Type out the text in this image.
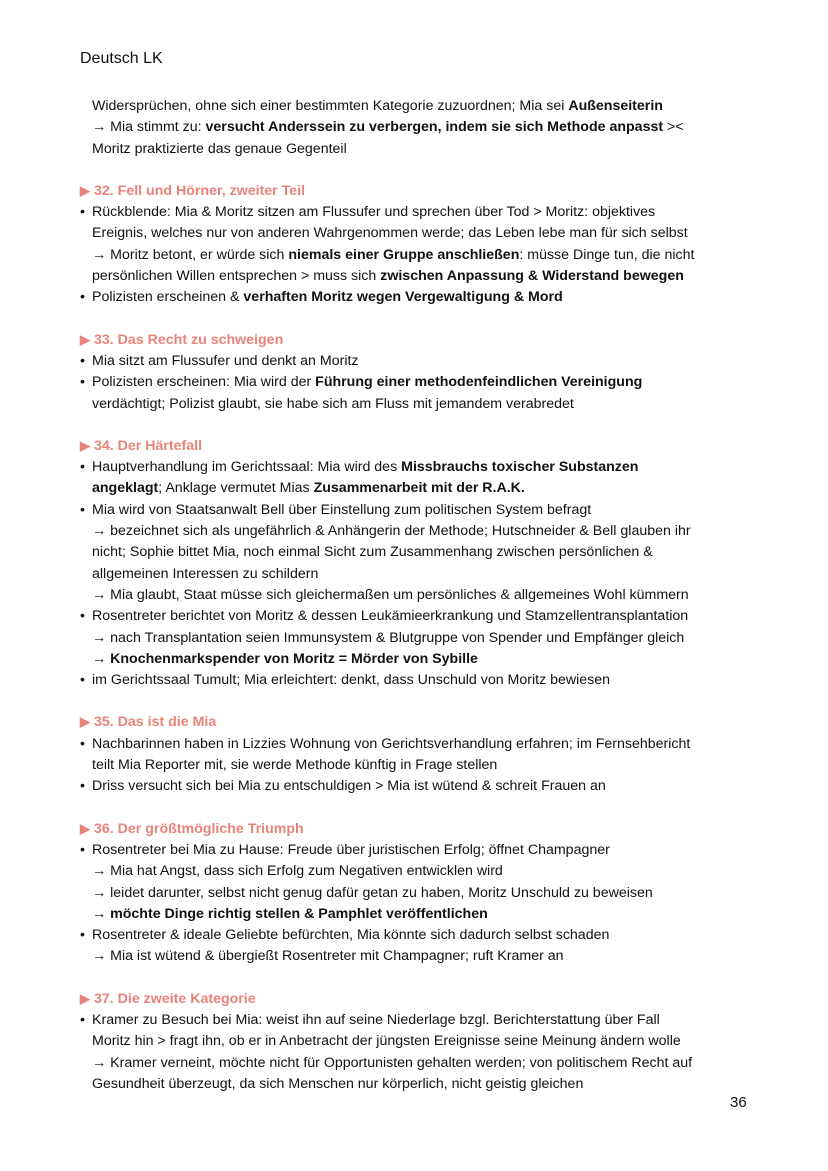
Deutsch LK
Widersprüchen, ohne sich einer bestimmten Kategorie zuzuordnen; Mia sei Außenseiterin
→ Mia stimmt zu: versucht Anderssein zu verbergen, indem sie sich Methode anpasst ><
Moritz praktizierte das genaue Gegenteil
▶ 32. Fell und Hörner, zweiter Teil
• Rückblende: Mia & Moritz sitzen am Flussufer und sprechen über Tod > Moritz: objektives
Ereignis, welches nur von anderen Wahrgenommen werde; das Leben lebe man für sich selbst
→ Moritz betont, er würde sich niemals einer Gruppe anschließen: müsse Dinge tun, die nicht
persönlichen Willen entsprechen > muss sich zwischen Anpassung & Widerstand bewegen
• Polizisten erscheinen & verhaften Moritz wegen Vergewaltigung & Mord
▶ 33. Das Recht zu schweigen
• Mia sitzt am Flussufer und denkt an Moritz
• Polizisten erscheinen: Mia wird der Führung einer methodenfeindlichen Vereinigung
verdächtigt; Polizist glaubt, sie habe sich am Fluss mit jemandem verabredet
▶ 34. Der Härtefall
• Hauptverhandlung im Gerichtssaal: Mia wird des Missbrauchs toxischer Substanzen
angeklagt; Anklage vermutet Mias Zusammenarbeit mit der R.A.K.
• Mia wird von Staatsanwalt Bell über Einstellung zum politischen System befragt
→ bezeichnet sich als ungefährlich & Anhängerin der Methode; Hutschneider & Bell glauben ihr
nicht; Sophie bittet Mia, noch einmal Sicht zum Zusammenhang zwischen persönlichen &
allgemeinen Interessen zu schildern
→ Mia glaubt, Staat müsse sich gleichermaßen um persönliches & allgemeines Wohl kümmern
• Rosentreter berichtet von Moritz & dessen Leukämieerkrankung und Stamzellentransplantation
→ nach Transplantation seien Immunsystem & Blutgruppe von Spender und Empfänger gleich
→ Knochenmarkspender von Moritz = Mörder von Sybille
• im Gerichtssaal Tumult; Mia erleichtert: denkt, dass Unschuld von Moritz bewiesen
▶ 35. Das ist die Mia
• Nachbarinnen haben in Lizzies Wohnung von Gerichtsverhandlung erfahren; im Fernsehbericht
teilt Mia Reporter mit, sie werde Methode künftig in Frage stellen
• Driss versucht sich bei Mia zu entschuldigen > Mia ist wütend & schreit Frauen an
▶ 36. Der größtmögliche Triumph
• Rosentreter bei Mia zu Hause: Freude über juristischen Erfolg; öffnet Champagner
→ Mia hat Angst, dass sich Erfolg zum Negativen entwicklen wird
→ leidet darunter, selbst nicht genug dafür getan zu haben, Moritz Unschuld zu beweisen
→ möchte Dinge richtig stellen & Pamphlet veröffentlichen
• Rosentreter & ideale Geliebte befürchten, Mia könnte sich dadurch selbst schaden
→ Mia ist wütend & übergießt Rosentreter mit Champagner; ruft Kramer an
▶ 37. Die zweite Kategorie
• Kramer zu Besuch bei Mia: weist ihn auf seine Niederlage bzgl. Berichterstattung über Fall
Moritz hin > fragt ihn, ob er in Anbetracht der jüngsten Ereignisse seine Meinung ändern wolle
→ Kramer verneint, möchte nicht für Opportunisten gehalten werden; von politischem Recht auf
Gesundheit überzeugt, da sich Menschen nur körperlich, nicht geistig gleichen
36
